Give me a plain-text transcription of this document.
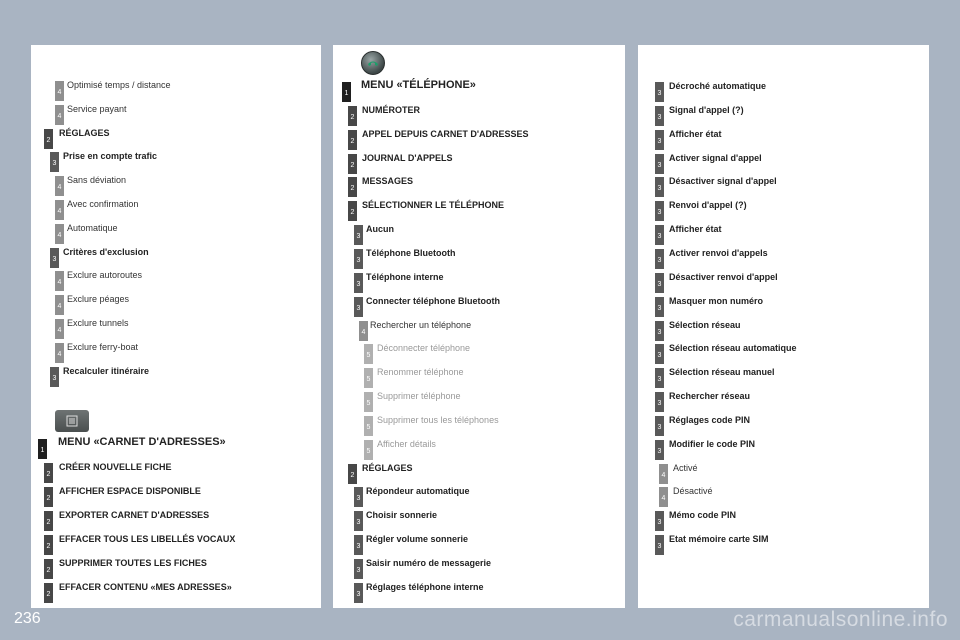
4
Optimisé temps / distance
4
Service payant
2
RÉGLAGES
3
Prise en compte trafic
4
Sans déviation
4
Avec confirmation
4
Automatique
3
Critères d'exclusion
4
Exclure autoroutes
4
Exclure péages
4
Exclure tunnels
4
Exclure ferry-boat
3
Recalculer itinéraire
1
MENU «CARNET D'ADRESSES»
2
CRÉER NOUVELLE FICHE
2
AFFICHER ESPACE DISPONIBLE
2
EXPORTER CARNET D'ADRESSES
2
EFFACER TOUS LES LIBELLÉS VOCAUX
2
SUPPRIMER TOUTES LES FICHES
2
EFFACER CONTENU «MES ADRESSES»
1
MENU «TÉLÉPHONE»
2
NUMÉROTER
2
APPEL DEPUIS CARNET D'ADRESSES
2
JOURNAL D'APPELS
2
MESSAGES
2
SÉLECTIONNER LE TÉLÉPHONE
3
Aucun
3
Téléphone Bluetooth
3
Téléphone interne
3
Connecter téléphone Bluetooth
4
Rechercher un téléphone
5
Déconnecter téléphone
5
Renommer téléphone
5
Supprimer téléphone
5
Supprimer tous les téléphones
5
Afficher détails
2
RÉGLAGES
3
Répondeur automatique
3
Choisir sonnerie
3
Régler volume sonnerie
3
Saisir numéro de messagerie
3
Réglages téléphone interne
3
Décroché automatique
3
Signal d'appel (?)
3
Afficher état
3
Activer signal d'appel
3
Désactiver signal d'appel
3
Renvoi d'appel (?)
3
Afficher état
3
Activer renvoi d'appels
3
Désactiver renvoi d'appel
3
Masquer mon numéro
3
Sélection réseau
3
Sélection réseau automatique
3
Sélection réseau manuel
3
Rechercher réseau
3
Réglages code PIN
3
Modifier le code PIN
4
Activé
4
Désactivé
3
Mémo code PIN
3
Etat mémoire carte SIM
236	carmanualsonline.info
